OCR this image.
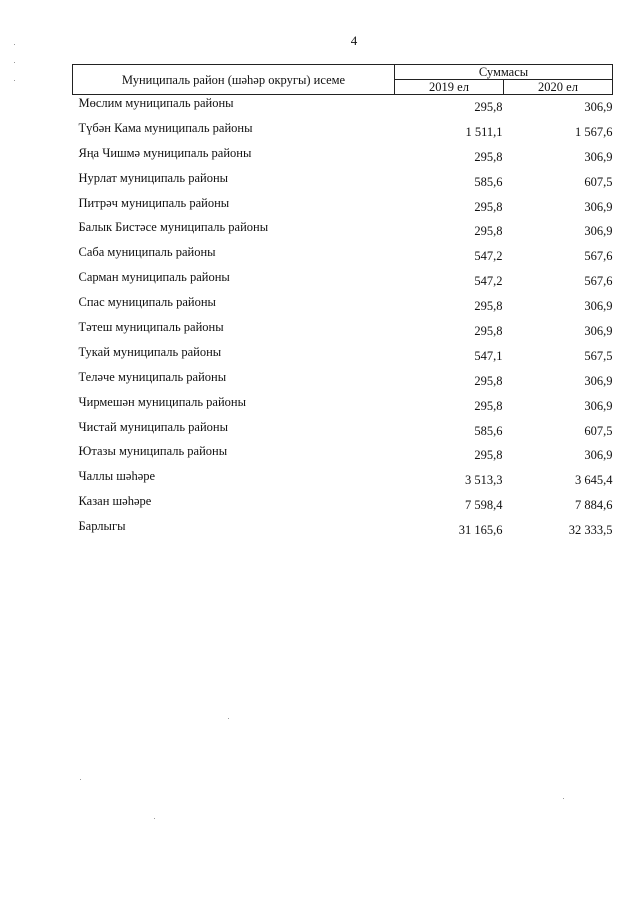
4
Муниципаль район (шәһәр округы) исеме	Суммасы	
	2019 ел	2020 ел
Мөслим муниципаль районы	295,8	306,9
Түбән Кама муниципаль районы	1 511,1	1 567,6
Яңа Чишмә муниципаль районы	295,8	306,9
Нурлат муниципаль районы	585,6	607,5
Питрәч муниципаль районы	295,8	306,9
Балык Бистәсе муниципаль районы	295,8	306,9
Саба муниципаль районы	547,2	567,6
Сарман муниципаль районы	547,2	567,6
Спас муниципаль районы	295,8	306,9
Тәтеш муниципаль районы	295,8	306,9
Тукай муниципаль районы	547,1	567,5
Теләче муниципаль районы	295,8	306,9
Чирмешән муниципаль районы	295,8	306,9
Чистай муниципаль районы	585,6	607,5
Ютазы муниципаль районы	295,8	306,9
Чаллы шәһәре	3 513,3	3 645,4
Казан шәһәре	7 598,4	7 884,6
Барлыгы	31 165,6	32 333,5
